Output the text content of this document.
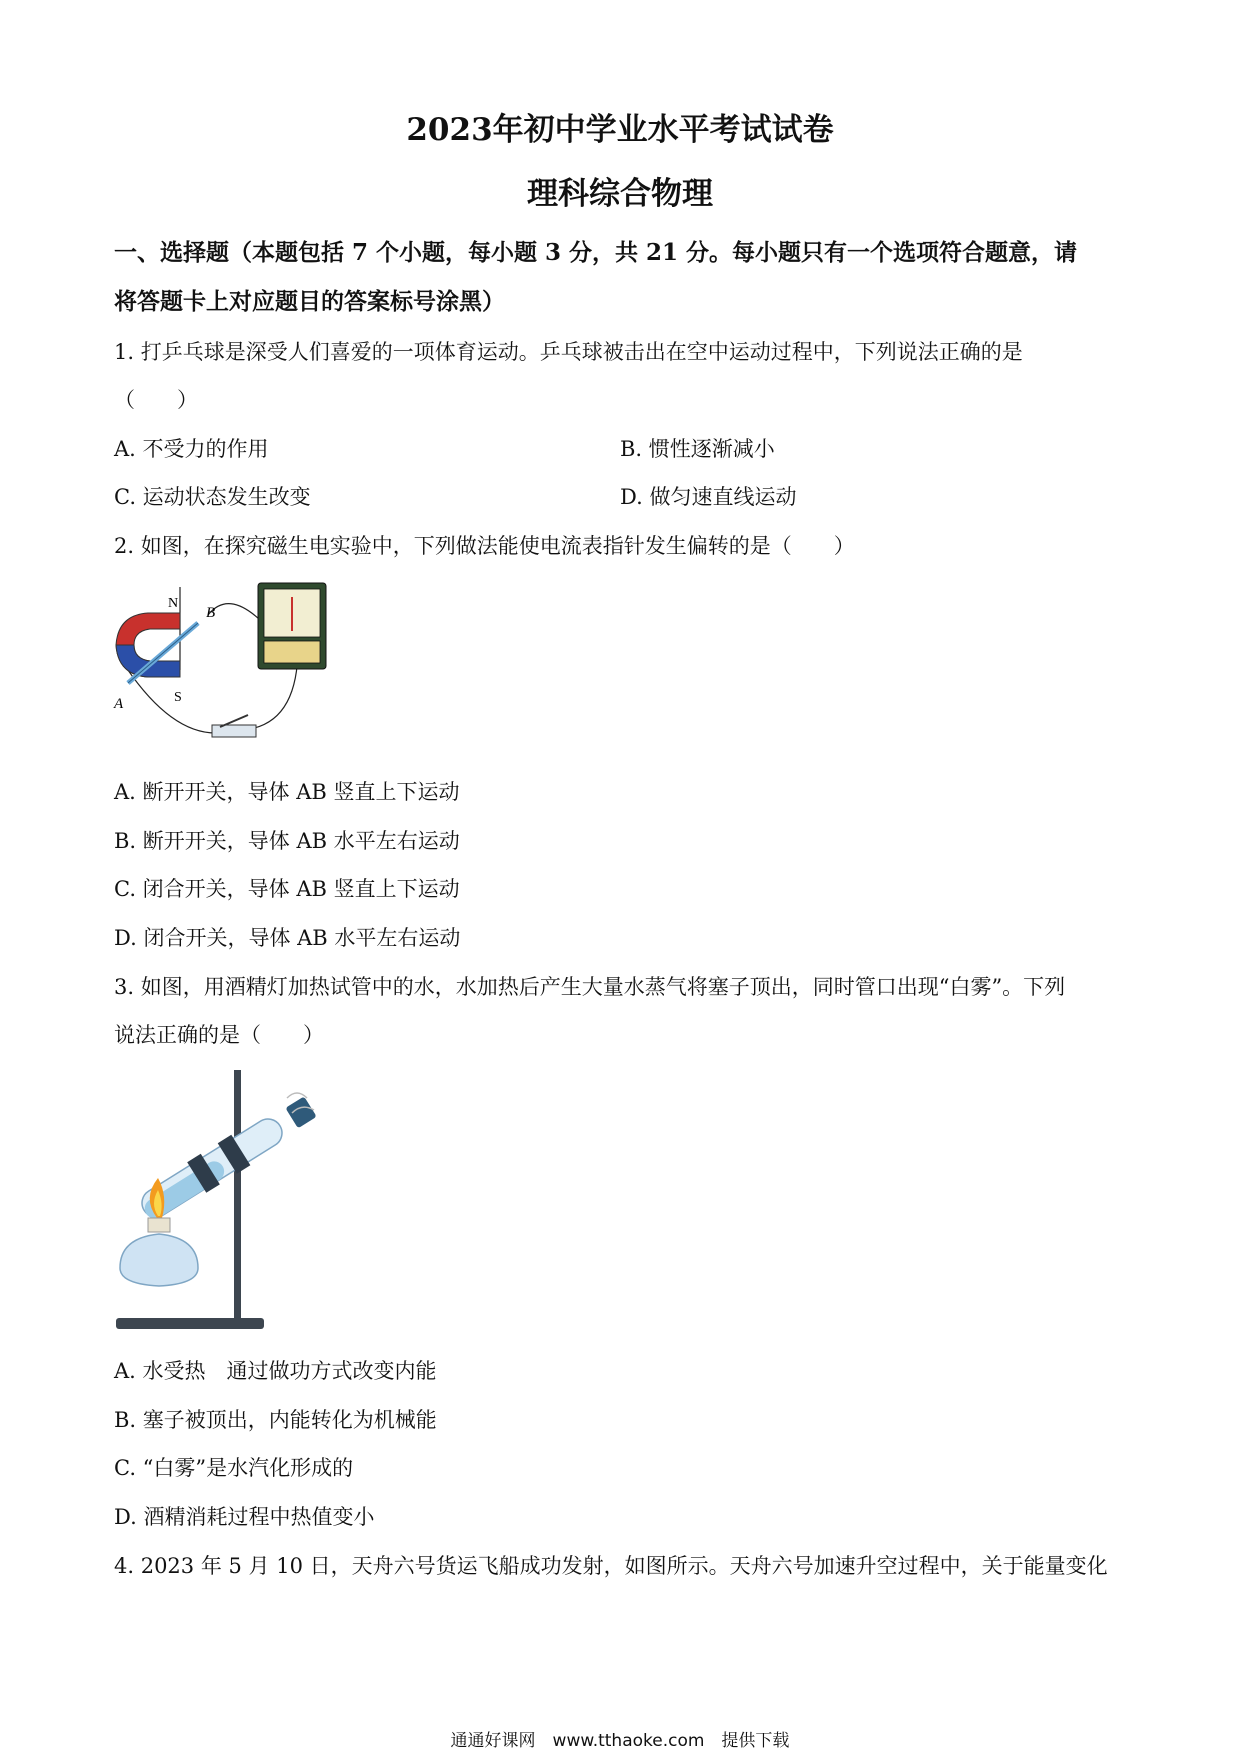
2023年初中学业水平考试试卷
理科综合物理
一、选择题（本题包括 7 个小题，每小题 3 分，共 21 分。每小题只有一个选项符合题意，请
将答题卡上对应题目的答案标号涂黑）
1. 打乒乓球是深受人们喜爱的一项体育运动。乒乓球被击出在空中运动过程中，下列说法正确的是
（　　）
A. 不受力的作用	B. 惯性逐渐减小
C. 运动状态发生改变	D. 做匀速直线运动
2. 如图，在探究磁生电实验中，下列做法能使电流表指针发生偏转的是（　　）
N
S
A
B
A. 断开开关，导体 AB 竖直上下运动
B. 断开开关，导体 AB 水平左右运动
C. 闭合开关，导体 AB 竖直上下运动
D. 闭合开关，导体 AB 水平左右运动
3. 如图，用酒精灯加热试管中的水，水加热后产生大量水蒸气将塞子顶出，同时管口出现“白雾”。下列
说法正确的是（　　）
A. 水受热　通过做功方式改变内能
B. 塞子被顶出，内能转化为机械能
C. “白雾”是水汽化形成的
D. 酒精消耗过程中热值变小
4. 2023 年 5 月 10 日，天舟六号货运飞船成功发射，如图所示。天舟六号加速升空过程中，关于能量变化
通通好课网　www.tthaoke.com　提供下载
